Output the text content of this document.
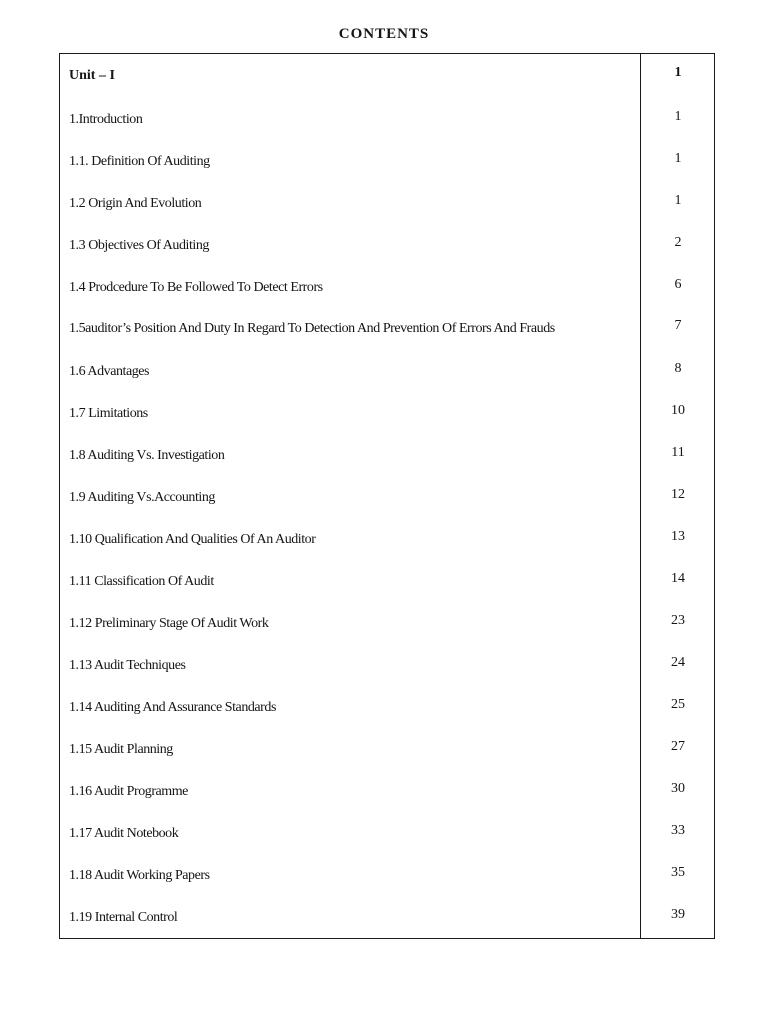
CONTENTS
Unit – I	1
1.Introduction	1
1.1. Definition Of Auditing	1
1.2 Origin And Evolution	1
1.3 Objectives Of Auditing	2
1.4 Prodcedure To Be Followed To Detect Errors	6
1.5auditor’s Position And Duty In Regard To Detection And Prevention Of Errors And Frauds	7
1.6 Advantages	8
1.7 Limitations	10
1.8 Auditing Vs. Investigation	11
1.9 Auditing Vs.Accounting	12
1.10 Qualification And Qualities Of An Auditor	13
1.11 Classification Of Audit	14
1.12 Preliminary Stage Of Audit Work	23
1.13 Audit Techniques	24
1.14 Auditing And Assurance Standards	25
1.15 Audit Planning	27
1.16 Audit Programme	30
1.17 Audit Notebook	33
1.18 Audit Working Papers	35
1.19 Internal Control	39
